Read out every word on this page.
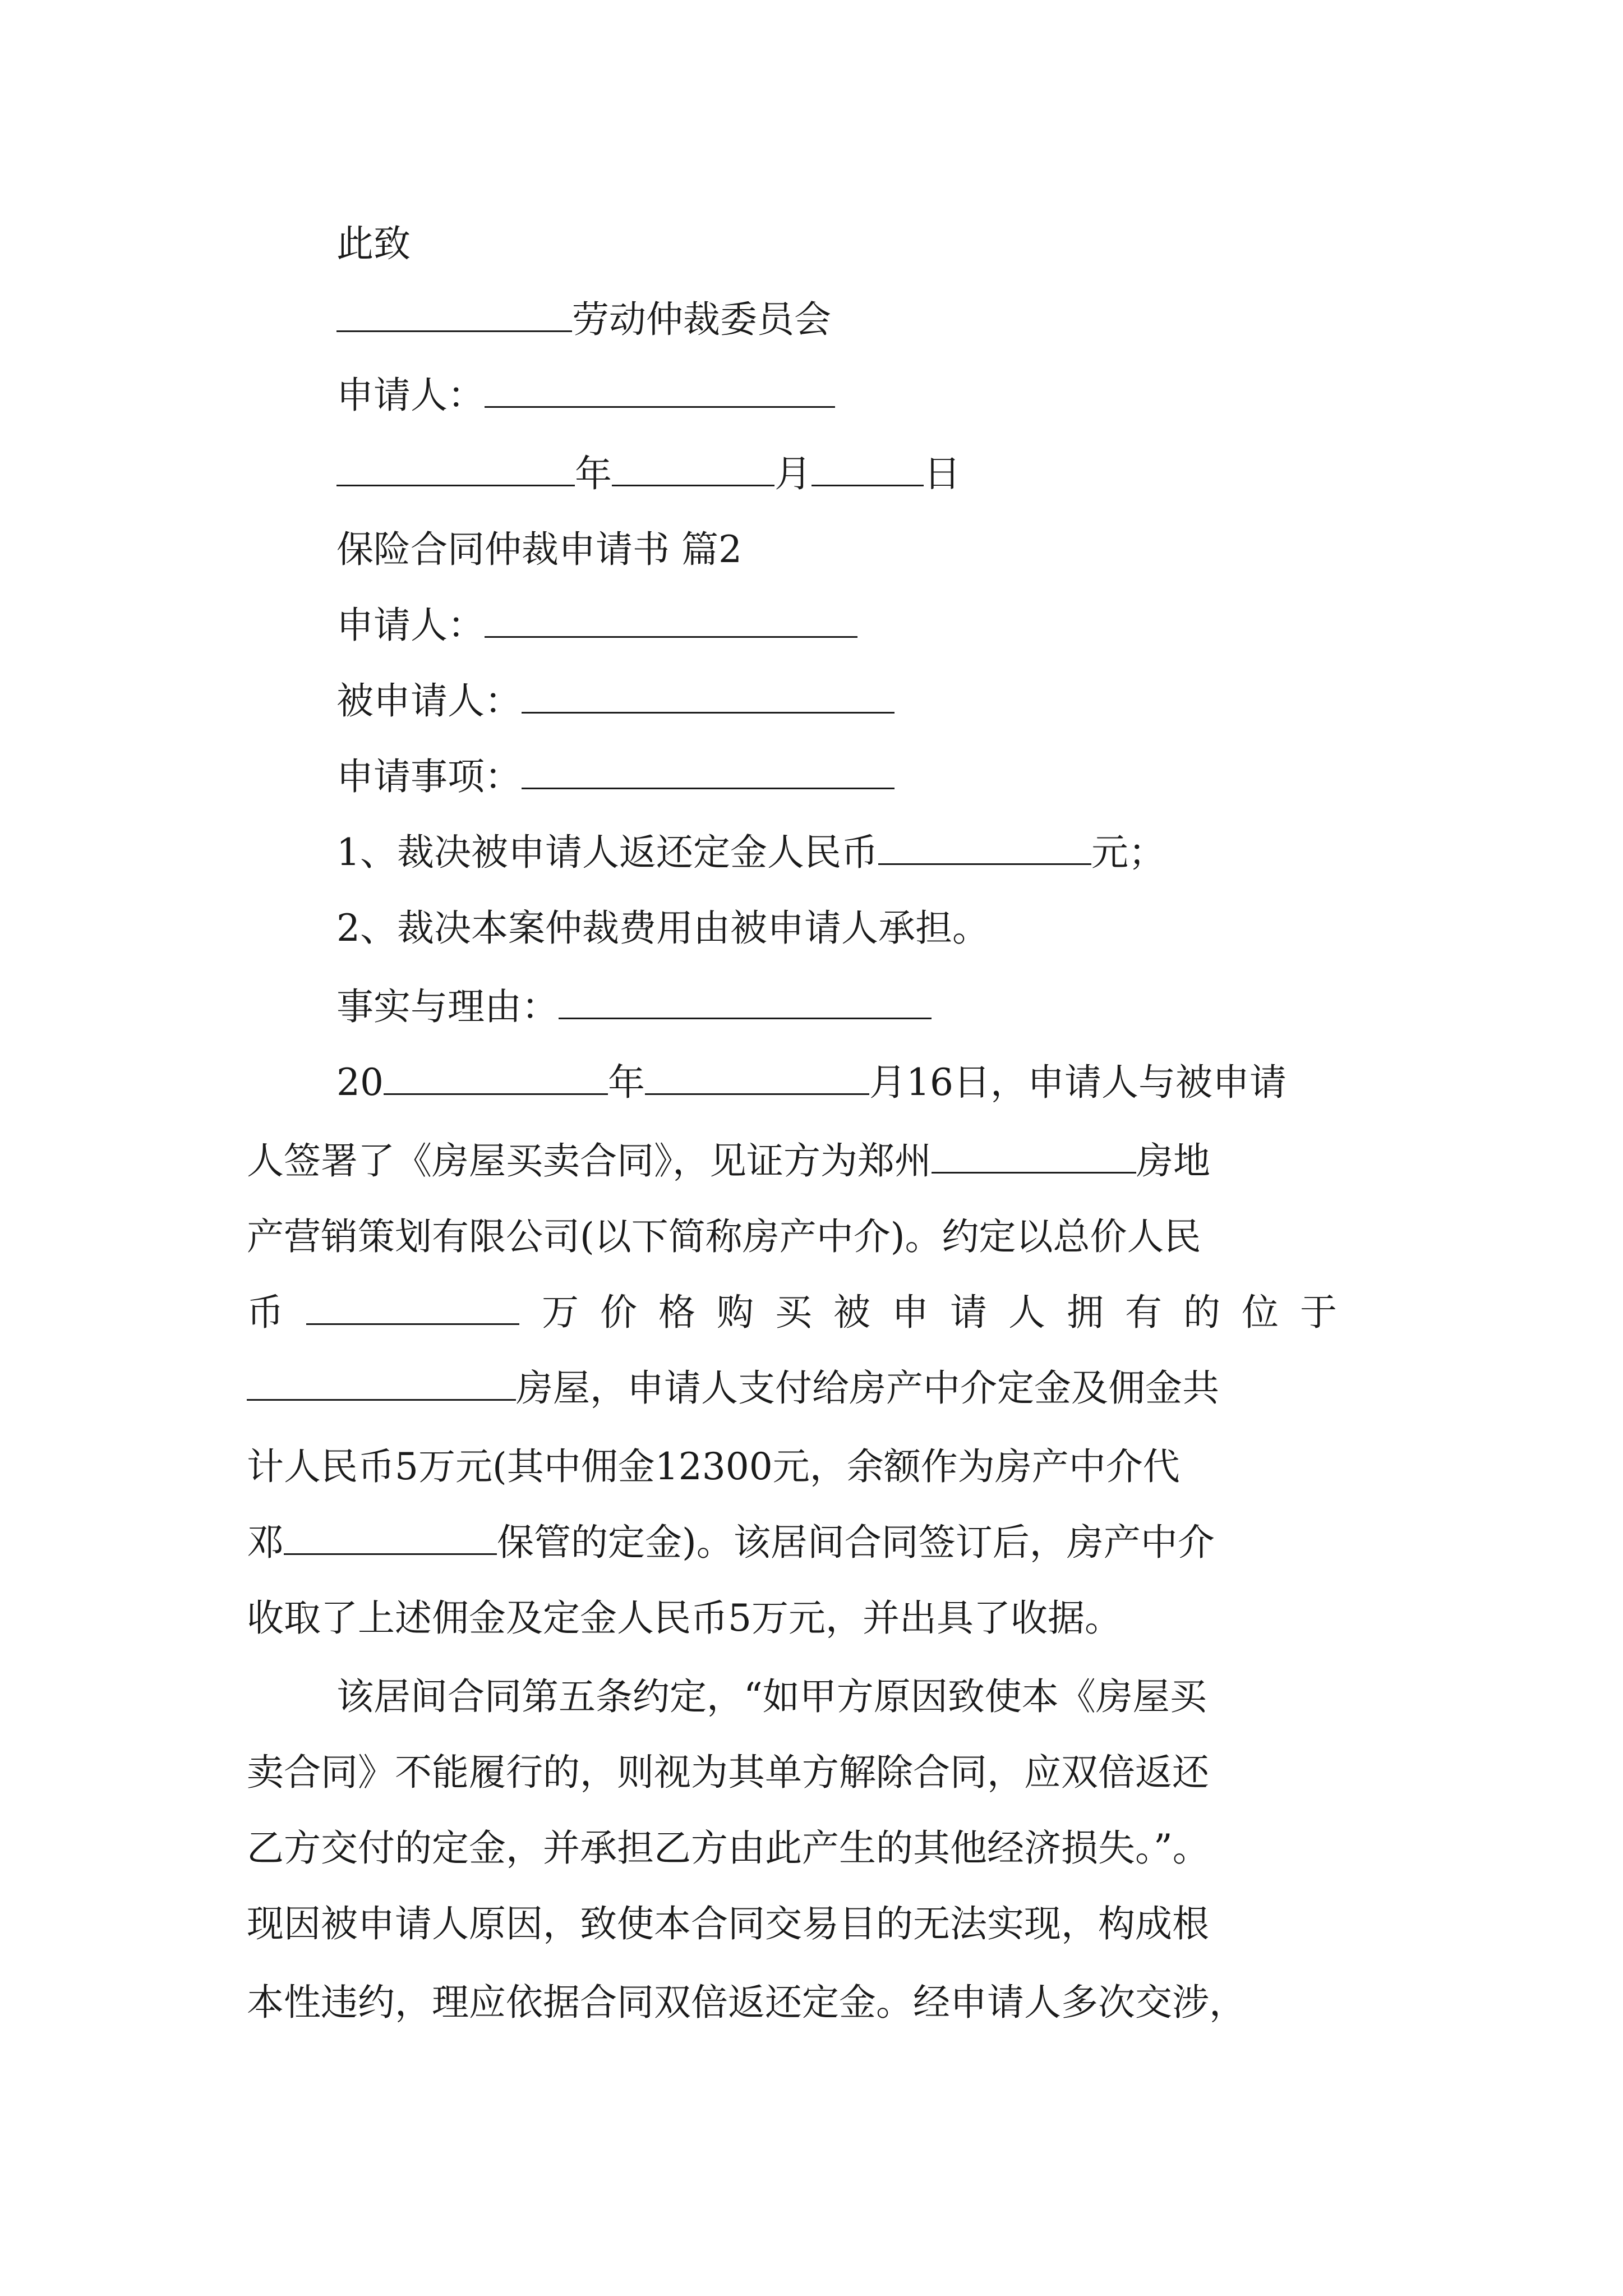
此致
劳动仲裁委员会
申请人：
年	月	日
保险合同仲裁申请书 篇2
申请人：
被申请人：
申请事项：
1、裁决被申请人返还定金人民币	元；
2、裁决本案仲裁费用由被申请人承担。
事实与理由：
20	年	月16日，申请人与被申请
人签署了《房屋买卖合同》，见证方为郑州	房地
产营销策划有限公司(以下简称房产中介)。约定以总价人民
币	万价格购买被申请人拥有的位于
房屋，申请人支付给房产中介定金及佣金共
计人民币5万元(其中佣金12300元，余额作为房产中介代
邓	保管的定金)。该居间合同签订后，房产中介
收取了上述佣金及定金人民币5万元，并出具了收据。
该居间合同第五条约定，“如甲方原因致使本《房屋买
卖合同》不能履行的，则视为其单方解除合同，应双倍返还
乙方交付的定金，并承担乙方由此产生的其他经济损失。”。
现因被申请人原因，致使本合同交易目的无法实现，构成根
本性违约，理应依据合同双倍返还定金。经申请人多次交涉，
